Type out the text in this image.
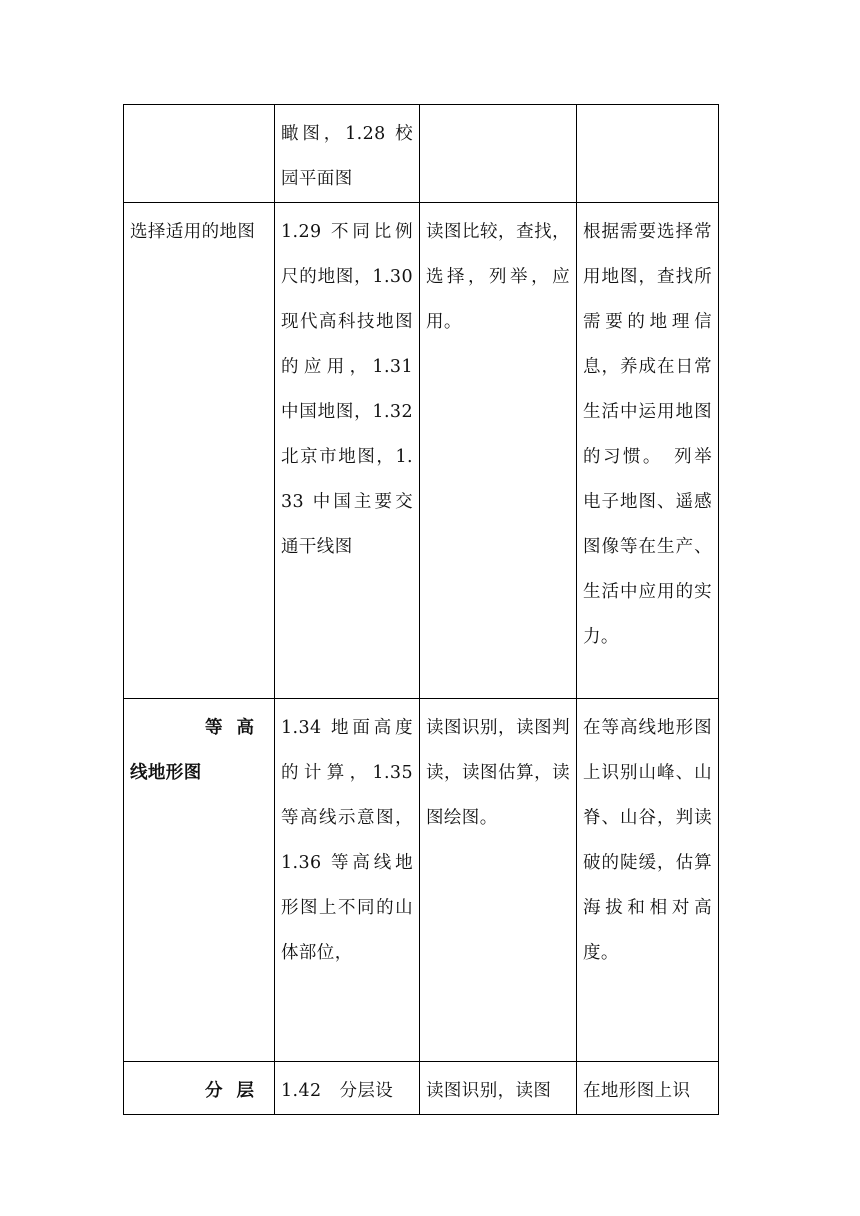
	瞰图，1.28 校园平面图		
选择适用的地图	1.29 不同比例尺的地图，1.30 现代高科技地图的应用，1.31 中国地图，1.32 北京市地图，1.33 中国主要交通干线图	读图比较，查找，选择，列举，应用。	根据需要选择常用地图，查找所需要的地理信息，养成在日常生活中运用地图的习惯。　列举电子地图、遥感图像等在生产、生活中应用的实力。

等高
线地形图	1.34 地面高度的计算，1.35 等高线示意图，1.36 等高线地形图上不同的山体部位，	读图识别，读图判读，读图估算，读图绘图。	在等高线地形图上识别山峰、山脊、山谷，判读破的陡缓，估算海拔和相对高度。

分层	1.42　分层设	读图识别，读图	在地形图上识
